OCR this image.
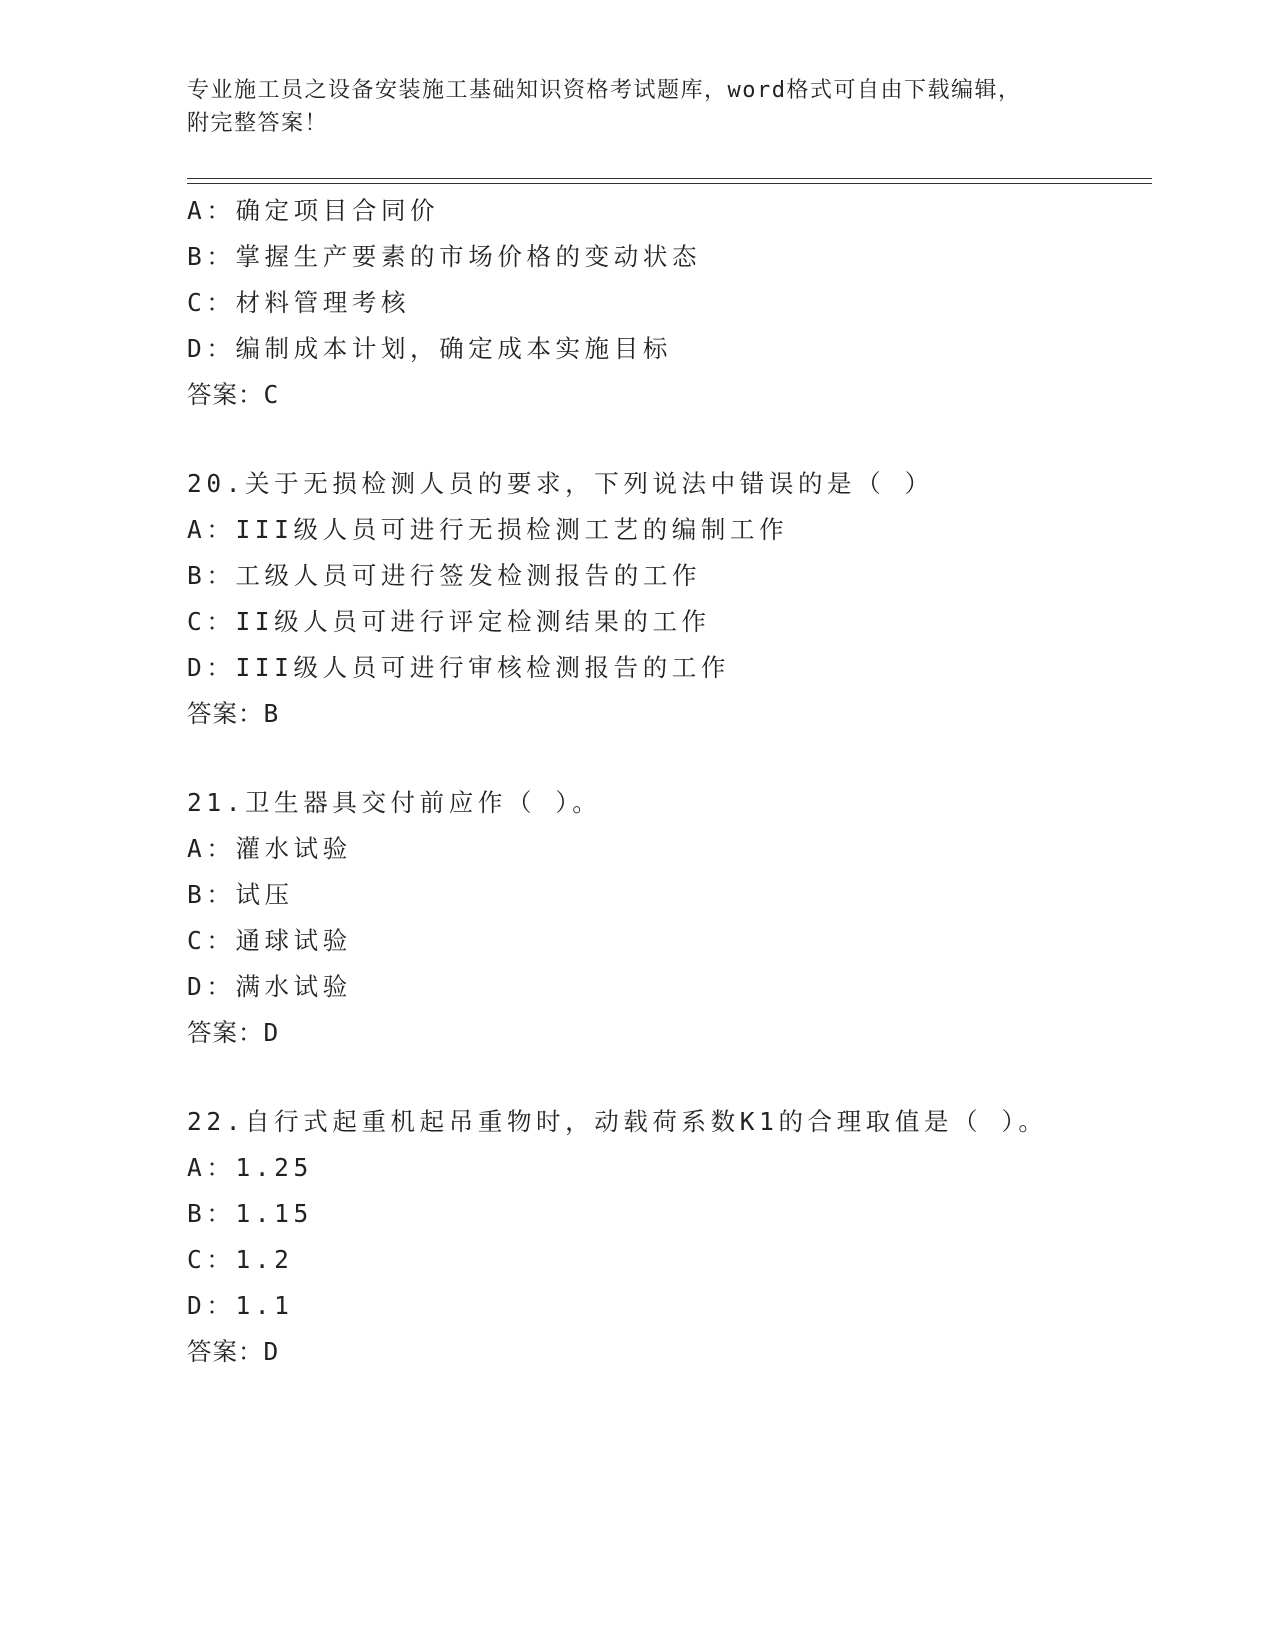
专业施工员之设备安装施工基础知识资格考试题库，word格式可自由下载编辑，
附完整答案！
A：确定项目合同价
B：掌握生产要素的市场价格的变动状态
C：材料管理考核
D：编制成本计划，确定成本实施目标
答案：C
20.关于无损检测人员的要求，下列说法中错误的是（ ）
A：III级人员可进行无损检测工艺的编制工作
B：工级人员可进行签发检测报告的工作
C：II级人员可进行评定检测结果的工作
D：III级人员可进行审核检测报告的工作
答案：B
21.卫生器具交付前应作（ ）。
A：灌水试验
B：试压
C：通球试验
D：满水试验
答案：D
22.自行式起重机起吊重物时，动载荷系数K1的合理取值是（ ）。
A：1.25
B：1.15
C：1.2
D：1.1
答案：D
